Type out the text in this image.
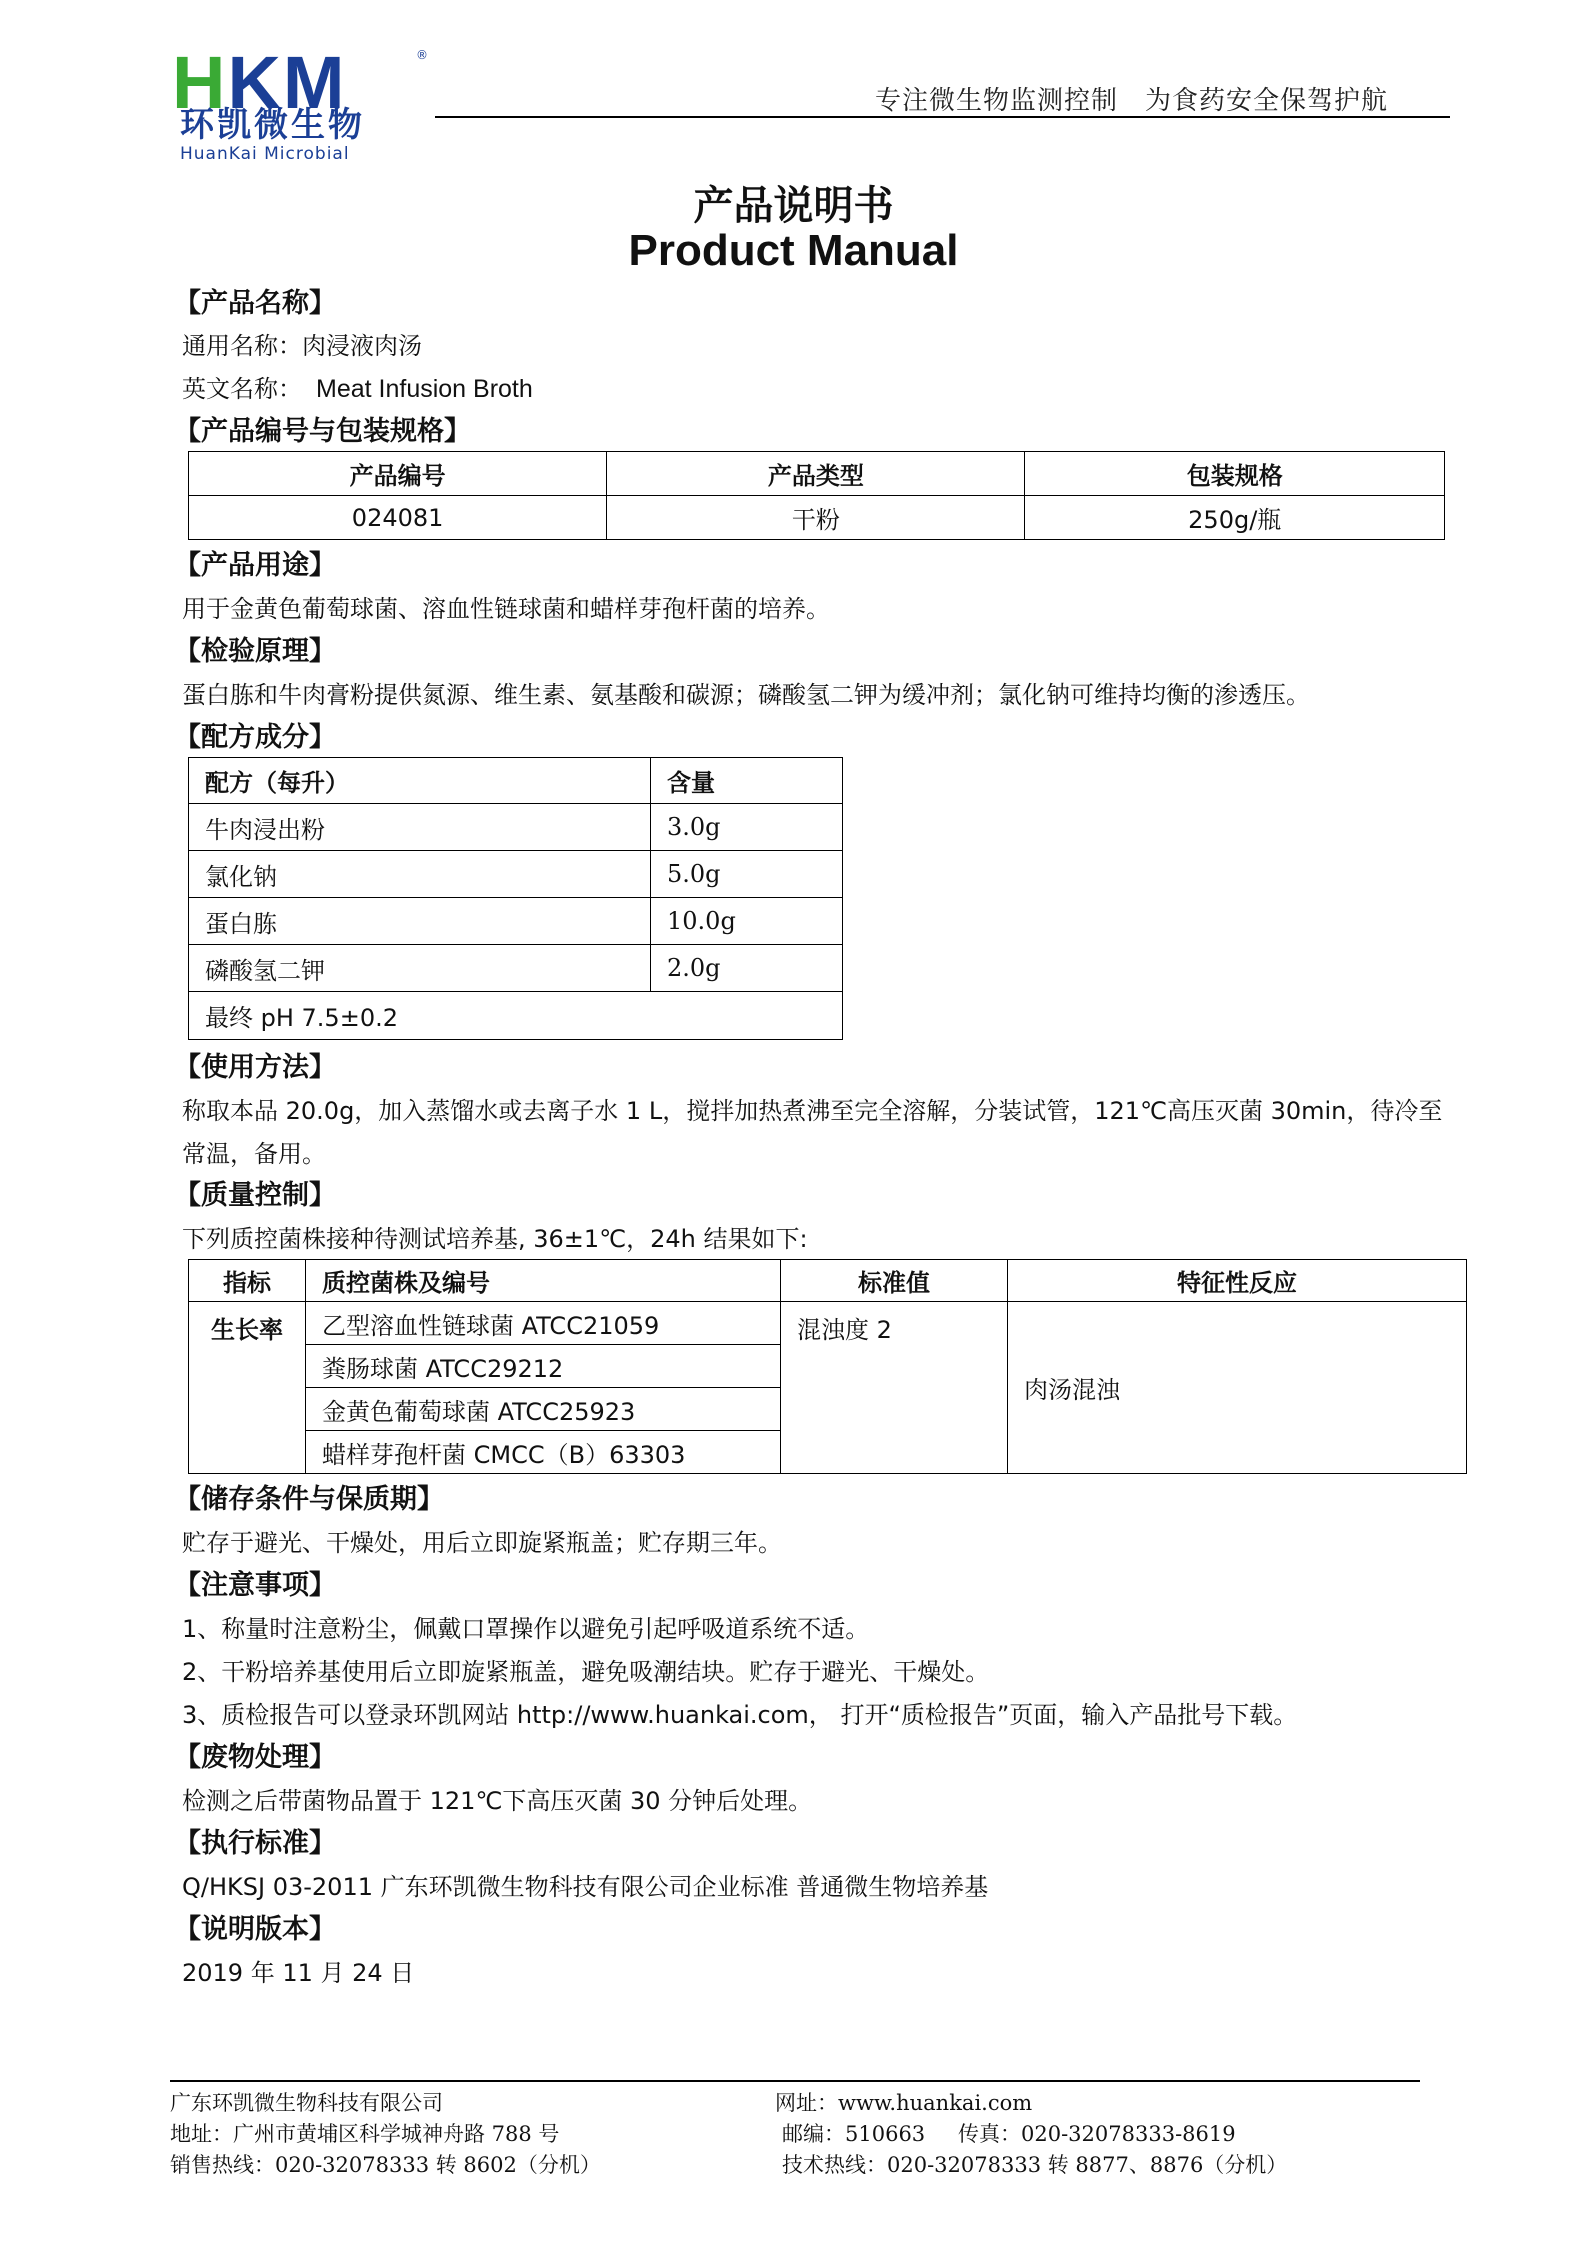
HKM	®
环凯微生物
HuanKai Microbial
专注微生物监测控制　为食药安全保驾护航
产品说明书
Product Manual
【产品名称】
通用名称：肉浸液肉汤
英文名称： Meat Infusion Broth
【产品编号与包装规格】
产品编号	产品类型	包装规格
024081	干粉	250g/瓶
【产品用途】
用于金黄色葡萄球菌、溶血性链球菌和蜡样芽孢杆菌的培养。
【检验原理】
蛋白胨和牛肉膏粉提供氮源、维生素、氨基酸和碳源；磷酸氢二钾为缓冲剂；氯化钠可维持均衡的渗透压。
【配方成分】
配方（每升）	含量
牛肉浸出粉	3.0g
氯化钠	5.0g
蛋白胨	10.0g
磷酸氢二钾	2.0g
最终 pH 7.5±0.2	
【使用方法】
称取本品 20.0g，加入蒸馏水或去离子水 1 L，搅拌加热煮沸至完全溶解，分装试管，121℃高压灭菌 30min，待冷至常温，备用。
【质量控制】
下列质控菌株接种待测试培养基, 36±1℃，24h 结果如下:
指标	质控菌株及编号	标准值	特征性反应
生长率	乙型溶血性链球菌 ATCC21059	混浊度 2	肉汤混浊
	粪肠球菌 ATCC29212		
	金黄色葡萄球菌 ATCC25923		
	蜡样芽孢杆菌 CMCC（B）63303		
【储存条件与保质期】
贮存于避光、干燥处，用后立即旋紧瓶盖；贮存期三年。
【注意事项】
1、称量时注意粉尘，佩戴口罩操作以避免引起呼吸道系统不适。
2、干粉培养基使用后立即旋紧瓶盖，避免吸潮结块。贮存于避光、干燥处。
3、质检报告可以登录环凯网站 http://www.huankai.com， 打开“质检报告”页面，输入产品批号下载。
【废物处理】
检测之后带菌物品置于 121℃下高压灭菌 30 分钟后处理。
【执行标准】
Q/HKSJ 03-2011 广东环凯微生物科技有限公司企业标准 普通微生物培养基
【说明版本】
2019 年 11 月 24 日
广东环凯微生物科技有限公司	网址：www.huankai.com
地址：广州市黄埔区科学城神舟路 788 号	邮编：510663 传真：020-32078333-8619
销售热线：020-32078333 转 8602（分机）	技术热线：020-32078333 转 8877、8876（分机）
